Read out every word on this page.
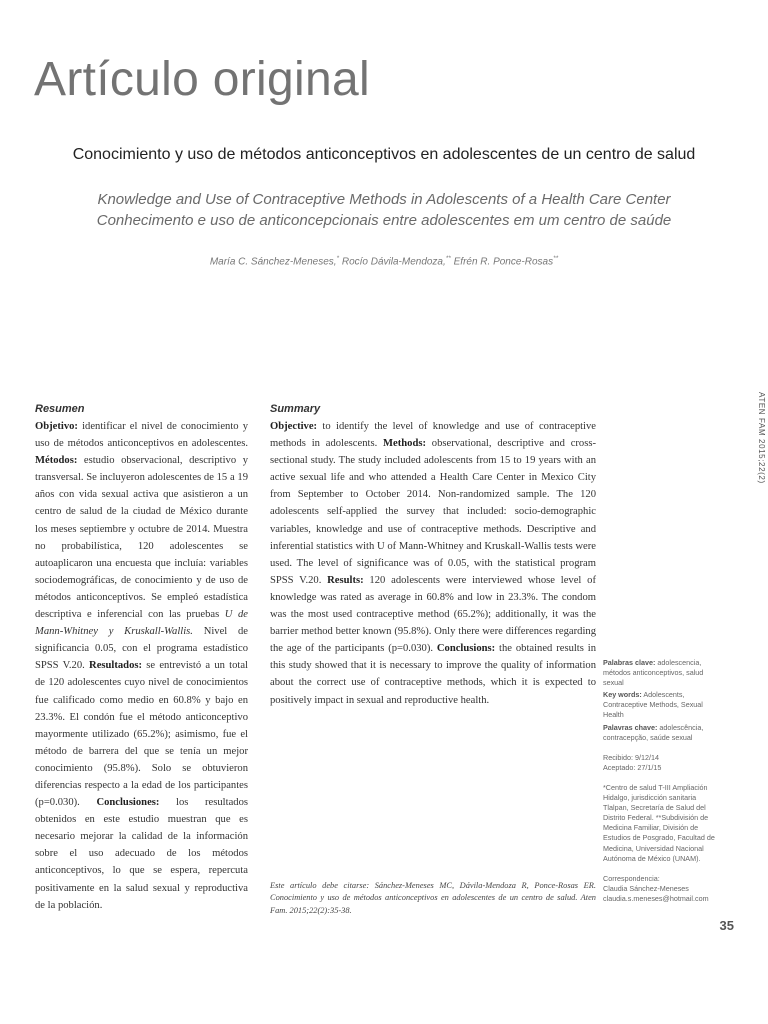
Artículo original
Conocimiento y uso de métodos anticonceptivos en adolescentes de un centro de salud
Knowledge and Use of Contraceptive Methods in Adolescents of a Health Care Center
Conhecimento e uso de anticoncepcionais entre adolescentes em um centro de saúde
María C. Sánchez-Meneses,* Rocío Dávila-Mendoza,** Efrén R. Ponce-Rosas**
ATEN FAM 2015;22(2)
Resumen

Objetivo: identificar el nivel de conocimiento y uso de métodos anticonceptivos en adolescentes. Métodos: estudio observacional, descriptivo y transversal. Se incluyeron adolescentes de 15 a 19 años con vida sexual activa que asistieron a un centro de salud de la ciudad de México durante los meses septiembre y octubre de 2014. Muestra no probabilística, 120 adolescentes se autoaplicaron una encuesta que incluía: variables sociodemográficas, de conocimiento y de uso de métodos anticonceptivos. Se empleó estadística descriptiva e inferencial con las pruebas U de Mann-Whitney y Kruskall-Wallis. Nivel de significancia 0.05, con el programa estadístico SPSS V.20. Resultados: se entrevistó a un total de 120 adolescentes cuyo nivel de conocimientos fue calificado como medio en 60.8% y bajo en 23.3%. El condón fue el método anticonceptivo mayormente utilizado (65.2%); asimismo, fue el método de barrera del que se tenía un mejor conocimiento (95.8%). Solo se obtuvieron diferencias respecto a la edad de los participantes (p=0.030). Conclusiones: los resultados obtenidos en este estudio muestran que es necesario mejorar la calidad de la información sobre el uso adecuado de los métodos anticonceptivos, lo que se espera, repercuta positivamente en la salud sexual y reproductiva de la población.

Summary

Objective: to identify the level of knowledge and use of contraceptive methods in adolescents. Methods: observational, descriptive and cross-sectional study. The study included adolescents from 15 to 19 years with an active sexual life and who attended a Health Care Center in Mexico City from September to October 2014. Non-randomized sample. The 120 adolescents self-applied the survey that included: socio-demographic variables, knowledge and use of contraceptive methods. Descriptive and inferential statistics with U of Mann-Whitney and Kruskall-Wallis tests were used. The level of significance was of 0.05, with the statistical program SPSS V.20. Results: 120 adolescents were interviewed whose level of knowledge was rated as average in 60.8% and low in 23.3%. The condom was the most used contraceptive method (65.2%); additionally, it was the barrier method better known (95.8%). Only there were differences regarding the age of the participants (p=0.030). Conclusions: the obtained results in this study showed that it is necessary to improve the quality of information about the correct use of contraceptive methods, which it is expected to positively impact in sexual and reproductive health.

Este artículo debe citarse: Sánchez-Meneses MC, Dávila-Mendoza R, Ponce-Rosas ER. Conocimiento y uso de métodos anticonceptivos en adolescentes de un centro de salud. Aten Fam. 2015;22(2):35-38.

Palabras clave: adolescencia, métodos anticonceptivos, salud sexual

Key words: Adolescents, Contraceptive Methods, Sexual Health

Palavras chave: adolescência, contracepção, saúde sexual

Recibido: 9/12/14

Aceptado: 27/1/15

*Centro de salud T-III Ampliación Hidalgo, jurisdicción sanitaria Tlalpan, Secretaría de Salud del Distrito Federal. **Subdivisión de Medicina Familiar, División de Estudios de Posgrado, Facultad de Medicina, Universidad Nacional Autónoma de México (UNAM).

Correspondencia:

Claudia Sánchez-Meneses

claudia.s.meneses@hotmail.com

35
